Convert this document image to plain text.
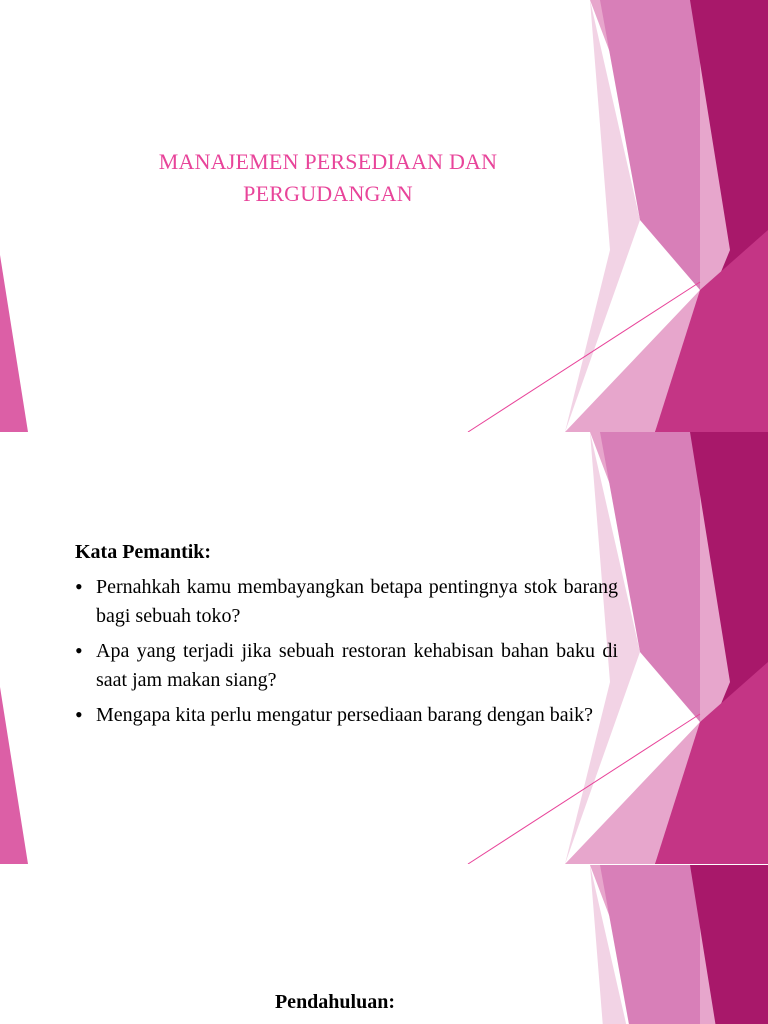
MANAJEMEN PERSEDIAAN DAN PERGUDANGAN
Kata Pemantik:
• Pernahkah kamu membayangkan betapa pentingnya stok barang bagi sebuah toko?
• Apa yang terjadi jika sebuah restoran kehabisan bahan baku di saat jam makan siang?
• Mengapa kita perlu mengatur persediaan barang dengan baik?
Pendahuluan:
